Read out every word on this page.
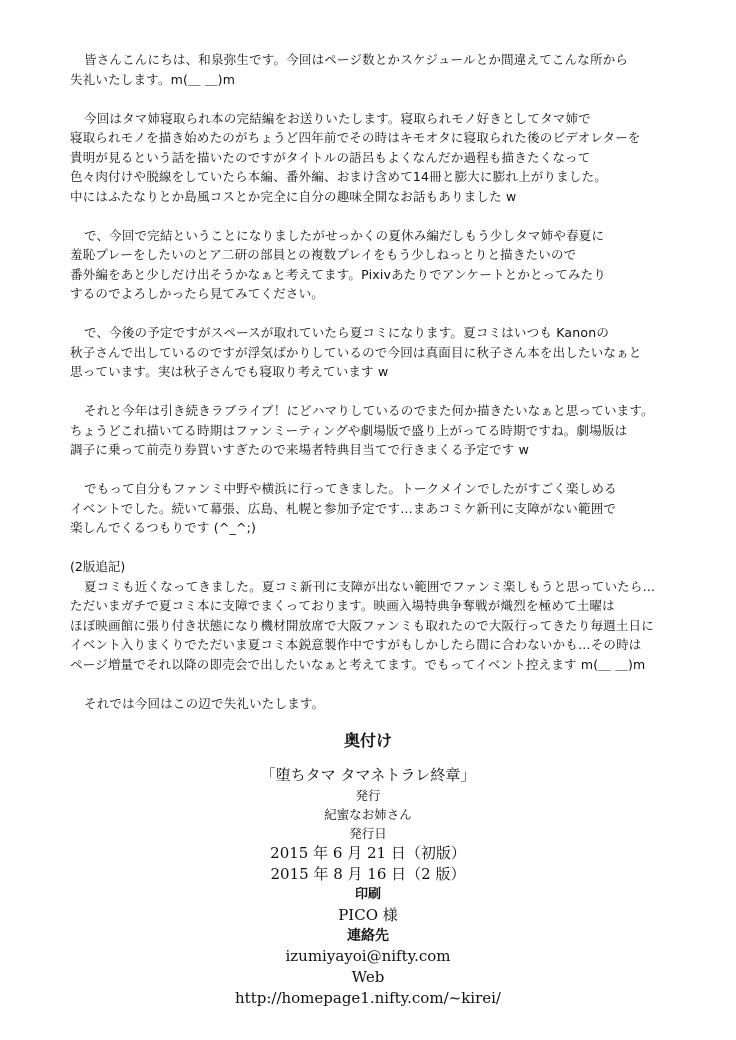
皆さんこんにちは、和泉弥生です。今回はページ数とかスケジュールとか間違えてこんな所から
失礼いたします。m(＿ ＿)m
今回はタマ姉寝取られ本の完結編をお送りいたします。寝取られモノ好きとしてタマ姉で
寝取られモノを描き始めたのがちょうど四年前でその時はキモオタに寝取られた後のビデオレターを
貴明が見るという話を描いたのですがタイトルの語呂もよくなんだか過程も描きたくなって
色々肉付けや脱線をしていたら本編、番外編、おまけ含めて14冊と膨大に膨れ上がりました。
中にはふたなりとか島風コスとか完全に自分の趣味全開なお話もありました w
で、今回で完結ということになりましたがせっかくの夏休み編だしもう少しタマ姉や春夏に
羞恥プレーをしたいのとア二研の部員との複数プレイをもう少しねっとりと描きたいので
番外編をあと少しだけ出そうかなぁと考えてます。Pixivあたりでアンケートとかとってみたり
するのでよろしかったら見てみてください。
で、今後の予定ですがスペースが取れていたら夏コミになります。夏コミはいつも Kanonの
秋子さんで出しているのですが浮気ばかりしているので今回は真面目に秋子さん本を出したいなぁと
思っています。実は秋子さんでも寝取り考えています w
それと今年は引き続きラブライブ！にどハマりしているのでまた何か描きたいなぁと思っています。
ちょうどこれ描いてる時期はファンミーティングや劇場版で盛り上がってる時期ですね。劇場版は
調子に乗って前売り券買いすぎたので来場者特典目当てで行きまくる予定です w
でもって自分もファンミ中野や横浜に行ってきました。トークメインでしたがすごく楽しめる
イベントでした。続いて幕張、広島、札幌と参加予定です…まあコミケ新刊に支障がない範囲で
楽しんでくるつもりです (^_^;)
(2版追記)
夏コミも近くなってきました。夏コミ新刊に支障が出ない範囲でファンミ楽しもうと思っていたら…
ただいまガチで夏コミ本に支障でまくっております。映画入場特典争奪戦が熾烈を極めて土曜は
ほぼ映画館に張り付き状態になり機材開放席で大阪ファンミも取れたので大阪行ってきたり毎週土日に
イベント入りまくりでただいま夏コミ本鋭意製作中ですがもしかしたら間に合わないかも…その時は
ページ増量でそれ以降の即売会で出したいなぁと考えてます。でもってイベント控えます m(＿ ＿)m
それでは今回はこの辺で失礼いたします。
奥付け
「堕ちタマ タマネトラレ終章」
発行
紀蜜なお姉さん
発行日
2015 年 6 月 21 日（初版）
2015 年 8 月 16 日（2 版）
印刷
PICO 様
連絡先
izumiyayoi@nifty.com
Web
http://homepage1.nifty.com/~kirei/
